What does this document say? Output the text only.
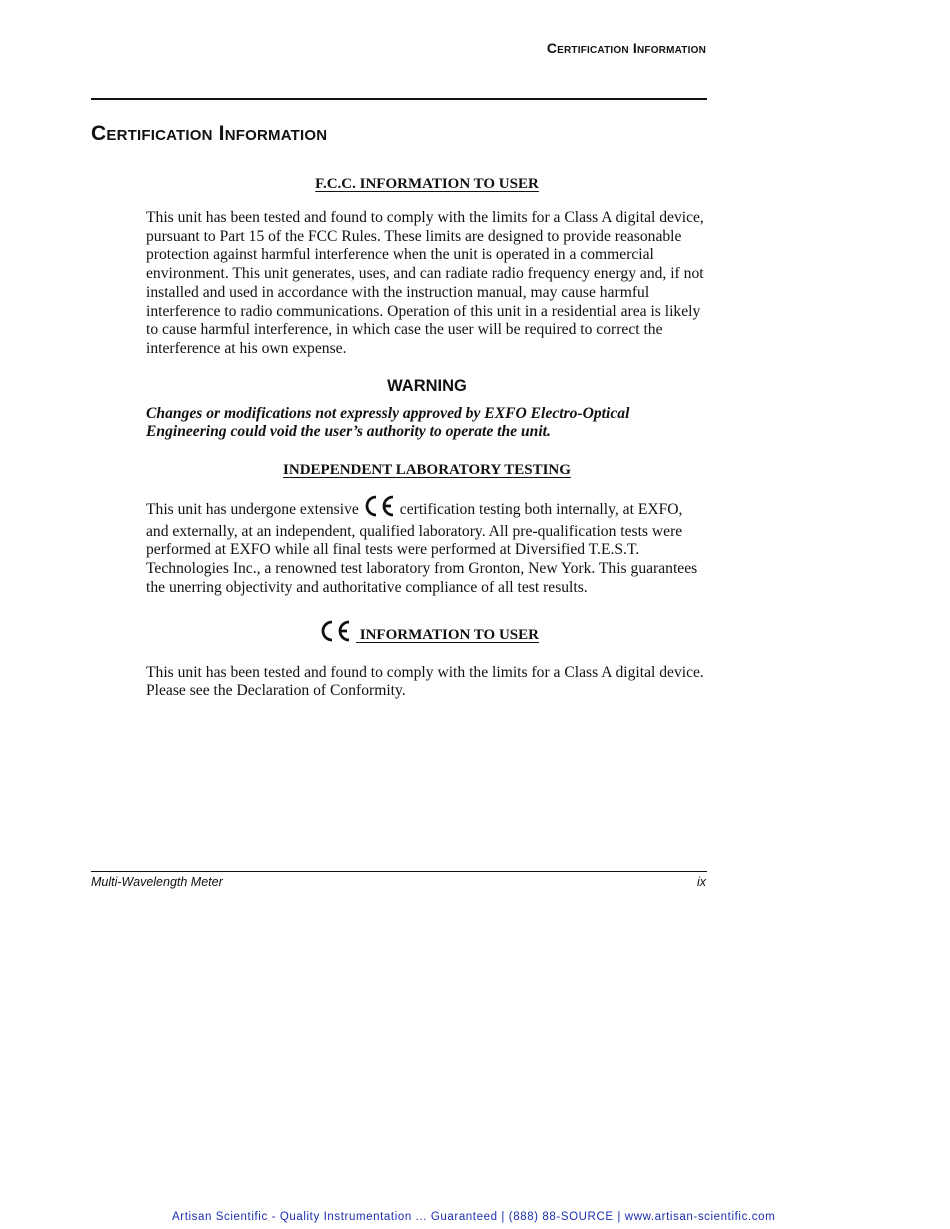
Certification Information
Certification Information

F.C.C. INFORMATION TO USER

This unit has been tested and found to comply with the limits for a Class A digital device, pursuant to Part 15 of the FCC Rules. These limits are designed to provide reasonable protection against harmful interference when the unit is operated in a commercial environment. This unit generates, uses, and can radiate radio frequency energy and, if not installed and used in accordance with the instruction manual, may cause harmful interference to radio communications. Operation of this unit in a residential area is likely to cause harmful interference, in which case the user will be required to correct the interference at his own expense.

WARNING

Changes or modifications not expressly approved by EXFO Electro-Optical Engineering could void the user’s authority to operate the unit.

INDEPENDENT LABORATORY TESTING

This unit has undergone extensive	certification testing both internally, at EXFO, and externally, at an independent, qualified laboratory. All pre-qualification tests were performed at EXFO while all final tests were performed at Diversified T.E.S.T. Technologies Inc., a renowned test laboratory from Gronton, New York. This guarantees the unerring objectivity and authoritative compliance of all test results.

INFORMATION TO USER

This unit has been tested and found to comply with the limits for a Class A digital device. Please see the Declaration of Conformity.

Multi-Wavelength Meter	ix
Artisan Scientific - Quality Instrumentation ... Guaranteed | (888) 88-SOURCE | www.artisan-scientific.com
